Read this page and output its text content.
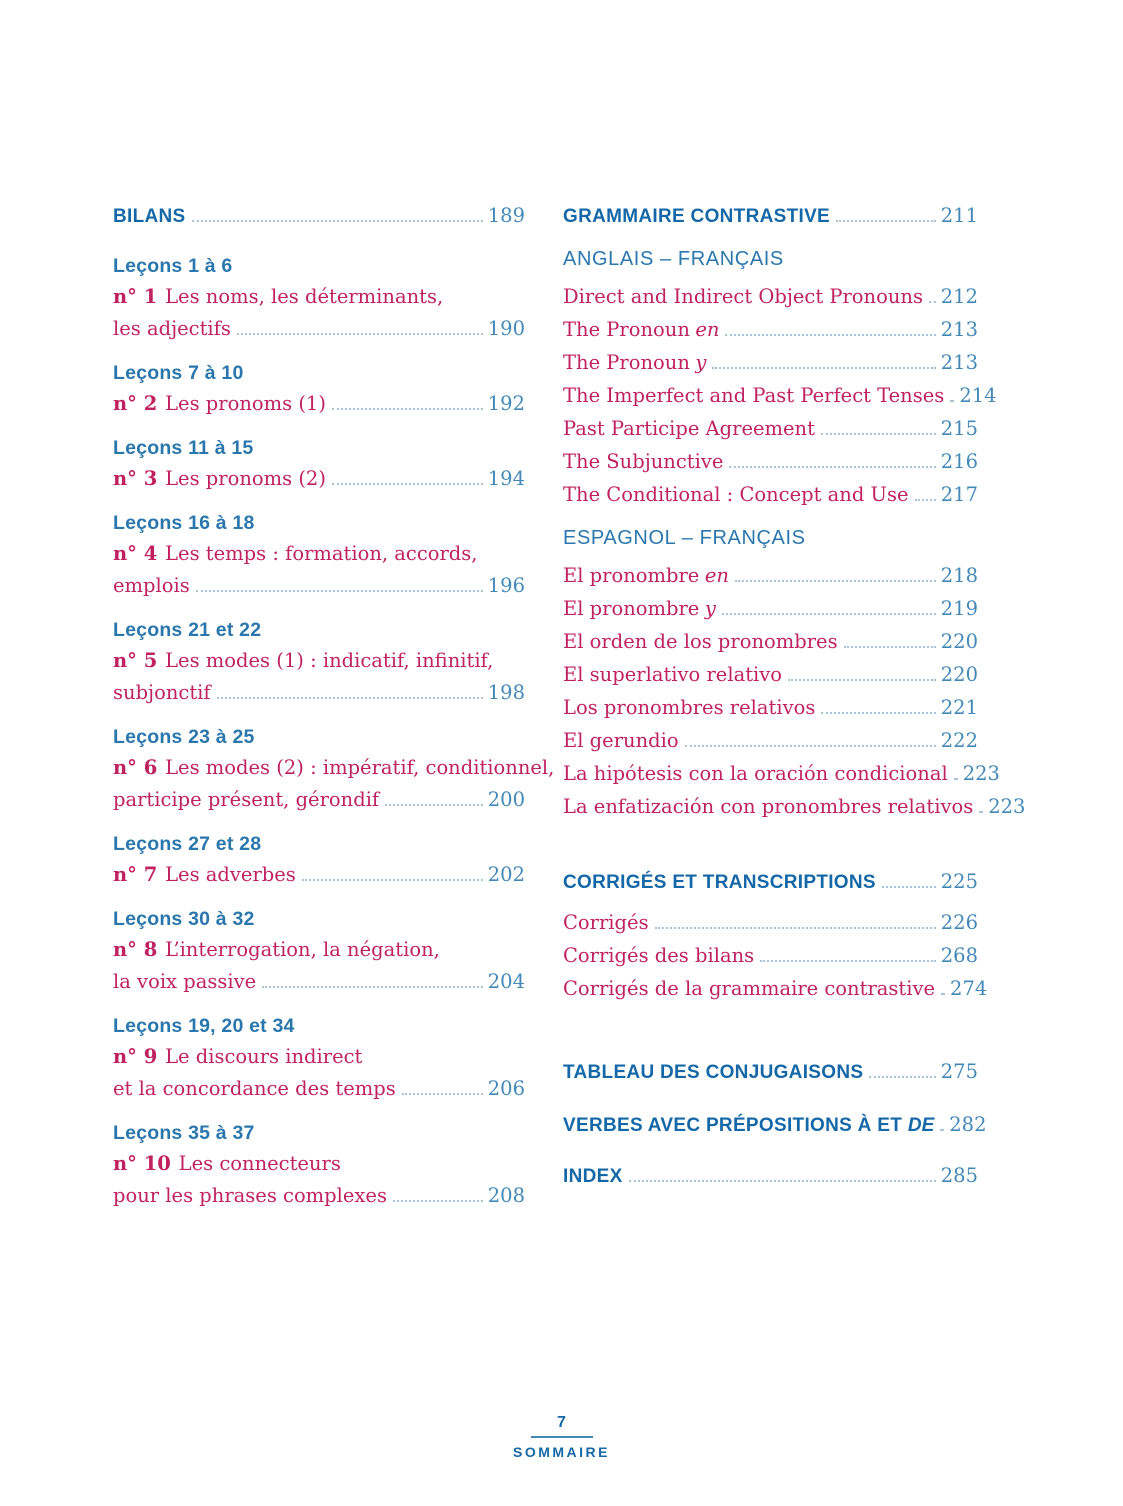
BILANS	189
Leçons 1 à 6
n° 1 Les noms, les déterminants,
les adjectifs	190
Leçons 7 à 10
n° 2 Les pronoms (1)	192
Leçons 11 à 15
n° 3 Les pronoms (2)	194
Leçons 16 à 18
n° 4 Les temps : formation, accords,
emplois	196
Leçons 21 et 22
n° 5 Les modes (1) : indicatif, infinitif,
subjonctif	198
Leçons 23 à 25
n° 6 Les modes (2) : impératif, conditionnel,
participe présent, gérondif	200
Leçons 27 et 28
n° 7 Les adverbes	202
Leçons 30 à 32
n° 8 L’interrogation, la négation,
la voix passive	204
Leçons 19, 20 et 34
n° 9 Le discours indirect
et la concordance des temps	206
Leçons 35 à 37
n° 10 Les connecteurs
pour les phrases complexes	208
GRAMMAIRE CONTRASTIVE	211
ANGLAIS – FRANÇAIS
Direct and Indirect Object Pronouns 212
The Pronoun en	213
The Pronoun y	213
The Imperfect and Past Perfect Tenses 214
Past Participe Agreement	215
The Subjunctive	216
The Conditional : Concept and Use 217
ESPAGNOL – FRANÇAIS
El pronombre en	218
El pronombre y	219
El orden de los pronombres	220
El superlativo relativo	220
Los pronombres relativos	221
El gerundio	222
La hipótesis con la oración condicional 223
La enfatización con pronombres relativos 223
CORRIGÉS ET TRANSCRIPTIONS	225
Corrigés	226
Corrigés des bilans	268
Corrigés de la grammaire contrastive 274
TABLEAU DES CONJUGAISONS	275
VERBES AVEC PRÉPOSITIONS À ET DE 282
INDEX	285
7
SOMMAIRE
